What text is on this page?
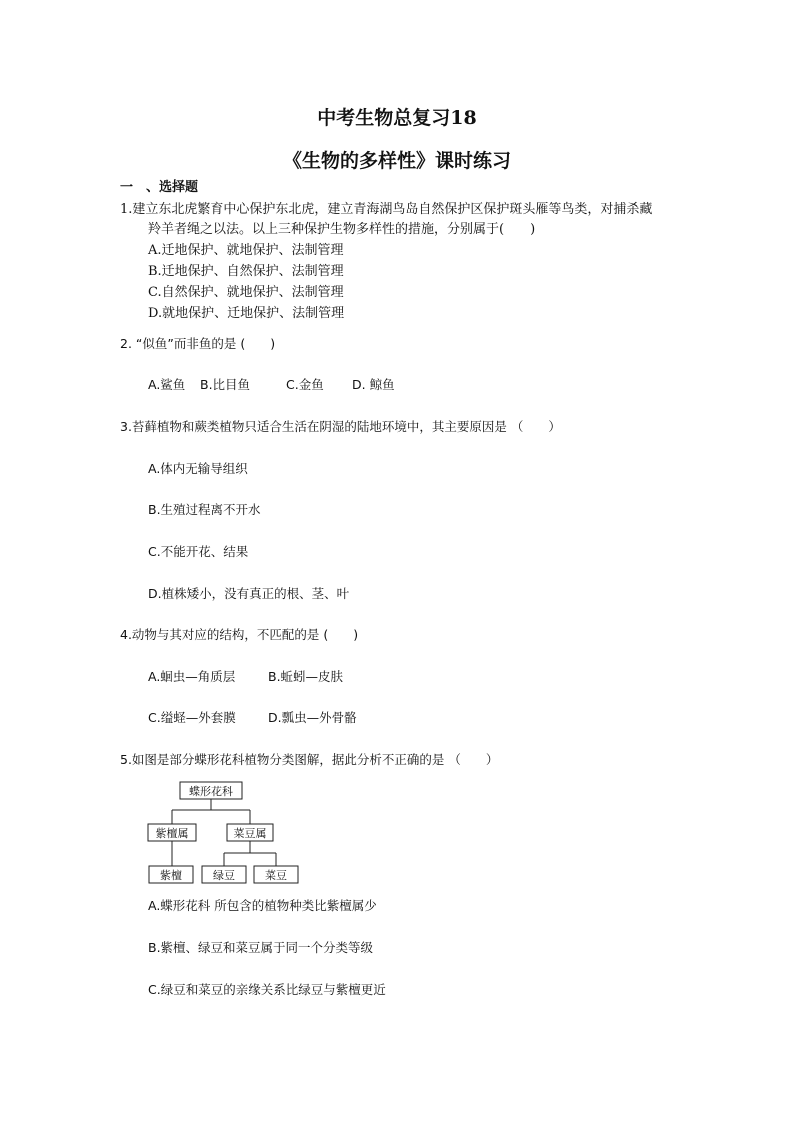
中考生物总复习18
《生物的多样性》课时练习
一　、选择题
1.建立东北虎繁育中心保护东北虎，建立青海湖鸟岛自然保护区保护斑头雁等鸟类，对捕杀藏
羚羊者绳之以法。以上三种保护生物多样性的措施，分别属于(　　)
A.迁地保护、就地保护、法制管理
B.迁地保护、自然保护、法制管理
C.自然保护、就地保护、法制管理
D.就地保护、迁地保护、法制管理
2. “似鱼”而非鱼的是 (　　)
A.鲨鱼 B.比目鱼	C.金鱼 D. 鲸鱼
3.苔藓植物和蕨类植物只适合生活在阴湿的陆地环境中，其主要原因是 （　　）
A.体内无输导组织
B.生殖过程离不开水
C.不能开花、结果
D.植株矮小，没有真正的根、茎、叶
4.动物与其对应的结构，不匹配的是 (　　)
A.蛔虫—角质层	B.蚯蚓—皮肤
C.缢蛏—外套膜	D.瓢虫—外骨骼
5.如图是部分蝶形花科植物分类图解，据此分析不正确的是 （　　）
蝶形花科
紫檀属	菜豆属
紫檀	绿豆	菜豆
A.蝶形花科 所包含的植物种类比紫檀属少
B.紫檀、绿豆和菜豆属于同一个分类等级
C.绿豆和菜豆的亲缘关系比绿豆与紫檀更近
